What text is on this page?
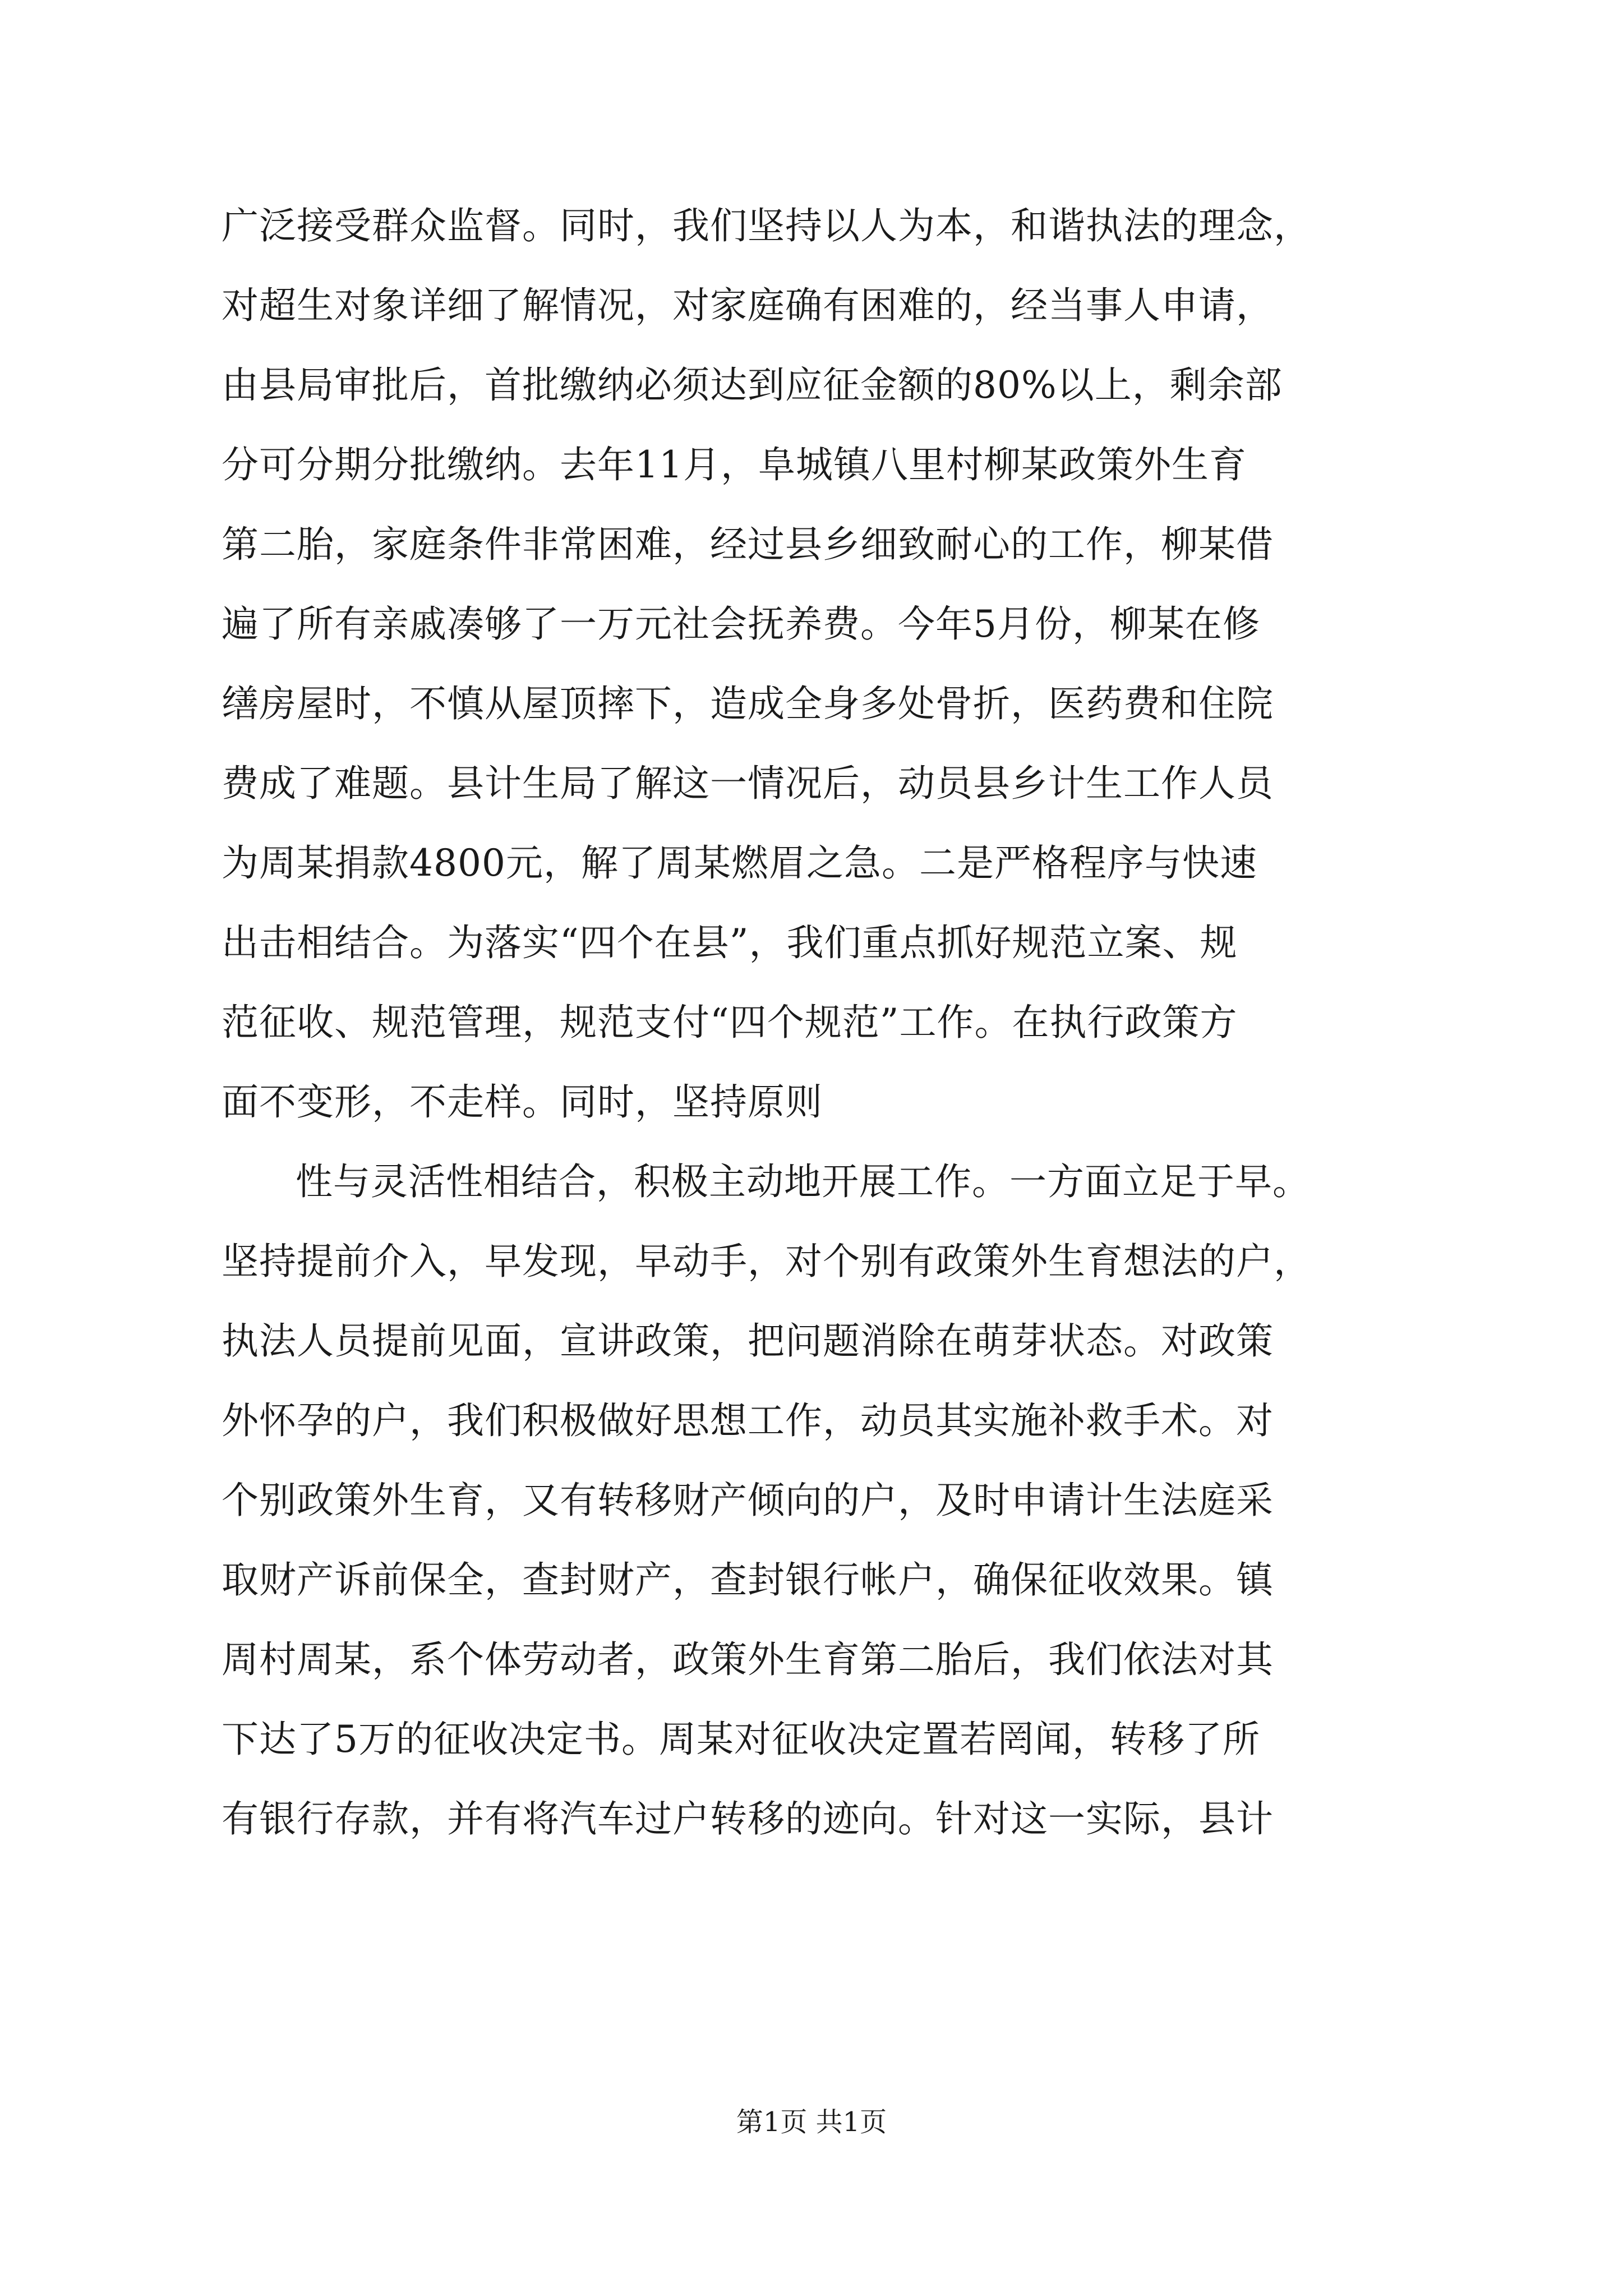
广泛接受群众监督。同时，我们坚持以人为本，和谐执法的理念，
对超生对象详细了解情况，对家庭确有困难的，经当事人申请，
由县局审批后，首批缴纳必须达到应征金额的80%以上，剩余部
分可分期分批缴纳。去年11月，阜城镇八里村柳某政策外生育
第二胎，家庭条件非常困难，经过县乡细致耐心的工作，柳某借
遍了所有亲戚凑够了一万元社会抚养费。今年5月份，柳某在修
缮房屋时，不慎从屋顶摔下，造成全身多处骨折，医药费和住院
费成了难题。县计生局了解这一情况后，动员县乡计生工作人员
为周某捐款4800元，解了周某燃眉之急。二是严格程序与快速
出击相结合。为落实“四个在县”，我们重点抓好规范立案、规
范征收、规范管理，规范支付“四个规范”工作。在执行政策方
面不变形，不走样。同时，坚持原则
性与灵活性相结合，积极主动地开展工作。一方面立足于早。
坚持提前介入，早发现，早动手，对个别有政策外生育想法的户，
执法人员提前见面，宣讲政策，把问题消除在萌芽状态。对政策
外怀孕的户，我们积极做好思想工作，动员其实施补救手术。对
个别政策外生育，又有转移财产倾向的户，及时申请计生法庭采
取财产诉前保全，查封财产，查封银行帐户，确保征收效果。镇
周村周某，系个体劳动者，政策外生育第二胎后，我们依法对其
下达了5万的征收决定书。周某对征收决定置若罔闻，转移了所
有银行存款，并有将汽车过户转移的迹向。针对这一实际，县计
第1页 共1页
